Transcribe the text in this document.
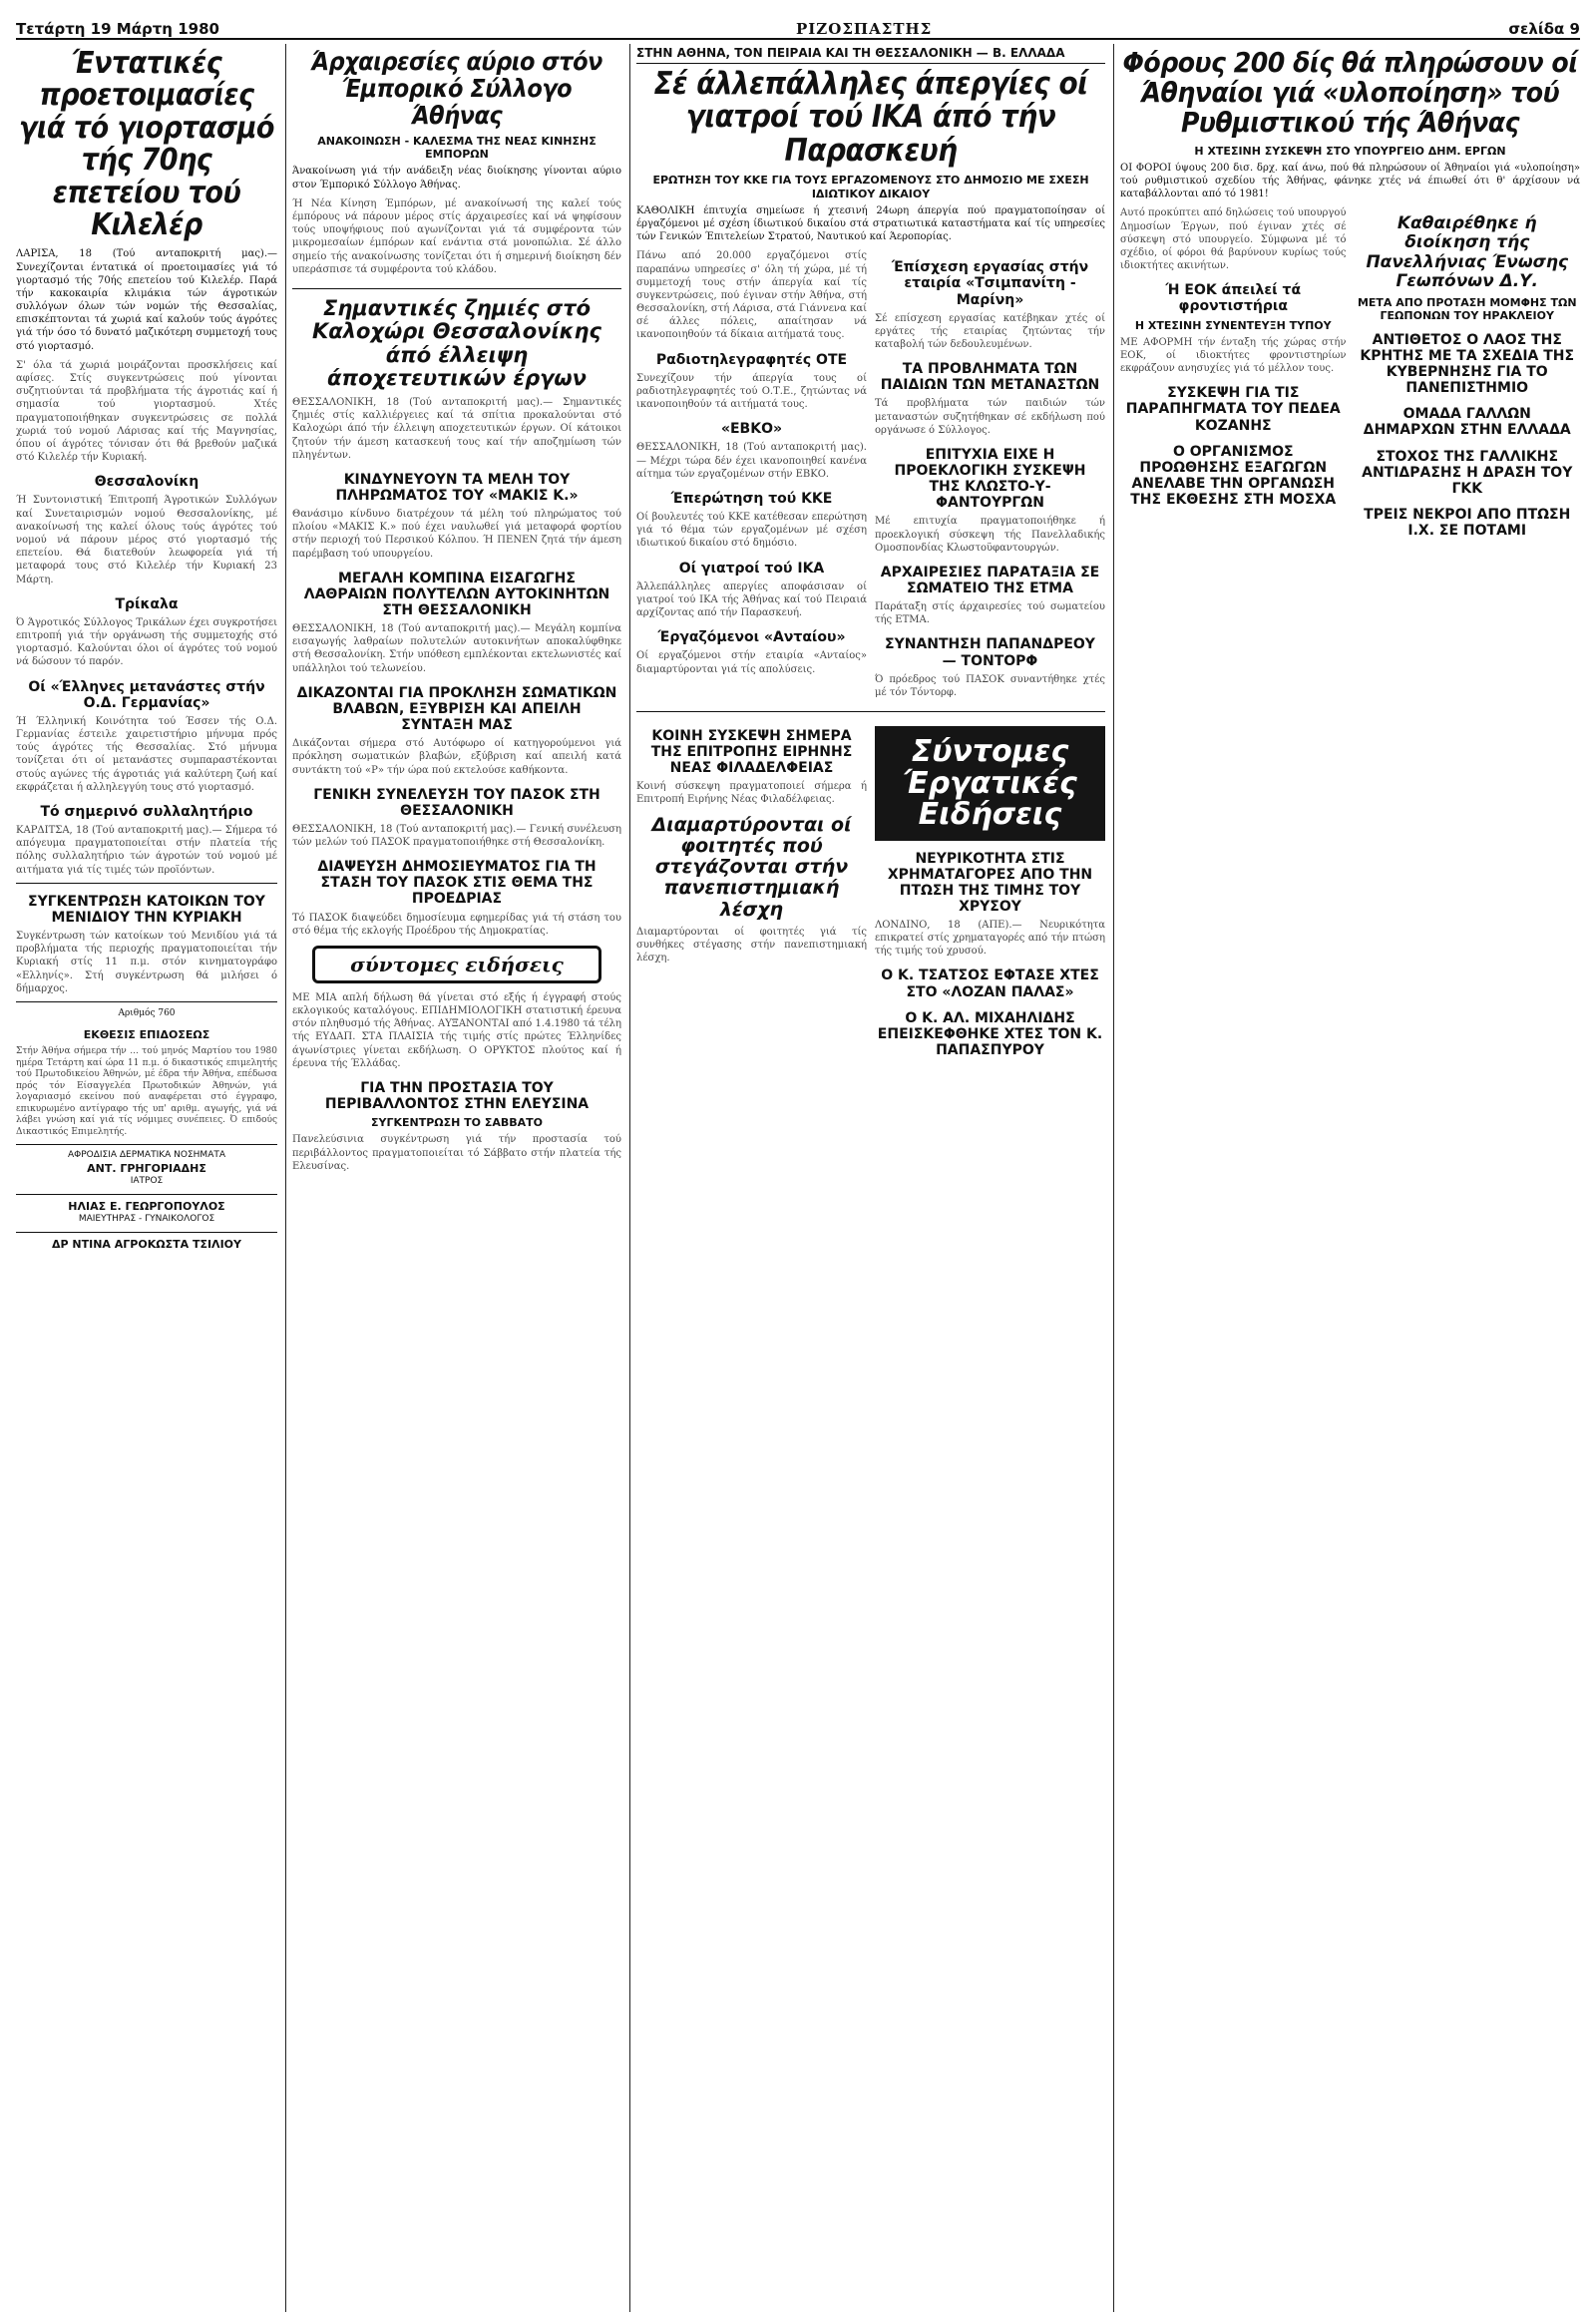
Τετάρτη 19 Μάρτη 1980	ΡΙΖΟΣΠΑΣΤΗΣ	σελίδα 9
Έντατικές προετοιμασίες γιά τό γιορτασμό τής 70ης επετείου τού Κιλελέρ

ΛΑΡΙΣΑ, 18 (Τού ανταποκριτή μας).— Συνεχίζονται έντατικά οί προετοιμασίες γιά τό γιορτασμό τής 70ής επετείου τού Κιλελέρ. Παρά τήν κακοκαιρία κλιμάκια τών άγροτικών συλλόγων όλων τών νομών τής Θεσσαλίας, επισκέπτονται τά χωριά καί καλούν τούς άγρότες γιά τήν όσο τό δυνατό μαζικότερη συμμετοχή τους στό γιορτασμό.

Σ' όλα τά χωριά μοιράζονται προσκλήσεις καί αφίσες. Στίς συγκεντρώσεις πού γίνονται συζητιούνται τά προβλήματα τής άγροτιάς καί ή σημασία τού γιορτασμού. Χτές πραγματοποιήθηκαν συγκεντρώσεις σε πολλά χωριά τού νομού Λάρισας καί τής Μαγνησίας, όπου οί άγρότες τόνισαν ότι θά βρεθούν μαζικά στό Κιλελέρ τήν Κυριακή.

Θεσσαλονίκη

Ή Συντονιστική Έπιτροπή Άγροτικών Συλλόγων καί Συνεταιρισμών νομού Θεσσαλονίκης, μέ ανακοίνωσή της καλεί όλους τούς άγρότες τού νομού νά πάρουν μέρος στό γιορτασμό τής επετείου. Θά διατεθούν λεωφορεία γιά τή μεταφορά τους στό Κιλελέρ τήν Κυριακή 23 Μάρτη.

Τρίκαλα

Ό Άγροτικός Σύλλογος Τρικάλων έχει συγκροτήσει επιτροπή γιά τήν οργάνωση τής συμμετοχής στό γιορτασμό. Καλούνται όλοι οί άγρότες τού νομού νά δώσουν τό παρόν.

Οί «Έλληνες μετανάστες στήν Ο.Δ. Γερμανίας»

Ή Έλληνική Κοινότητα τού Έσσεν τής Ο.Δ. Γερμανίας έστειλε χαιρετιστήριο μήνυμα πρός τούς άγρότες τής Θεσσαλίας. Στό μήνυμα τονίζεται ότι οί μετανάστες συμπαραστέκονται στούς αγώνες τής άγροτιάς γιά καλύτερη ζωή καί εκφράζεται ή αλληλεγγύη τους στό γιορτασμό.

Τό σημερινό συλλαλητήριο

ΚΑΡΔΙΤΣΑ, 18 (Τού ανταποκριτή μας).— Σήμερα τό απόγευμα πραγματοποιείται στήν πλατεία τής πόλης συλλαλητήριο τών άγροτών τού νομού μέ αιτήματα γιά τίς τιμές τών προϊόντων.

ΣΥΓΚΕΝΤΡΩΣΗ ΚΑΤΟΙΚΩΝ ΤΟΥ ΜΕΝΙΔΙΟΥ ΤΗΝ ΚΥΡΙΑΚΗ

Συγκέντρωση τών κατοίκων τού Μενιδίου γιά τά προβλήματα τής περιοχής πραγματοποιείται τήν Κυριακή στίς 11 π.μ. στόν κινηματογράφο «Ελληνίς». Στή συγκέντρωση θά μιλήσει ό δήμαρχος.

Αριθμός 760
ΕΚΘΕΣΙΣ ΕΠΙΔΟΣΕΩΣ

Στήν Άθήνα σήμερα τήν ... τού μηνός Μαρτίου του 1980 ημέρα Τετάρτη καί ώρα 11 π.μ. ό δικαστικός επιμελητής τού Πρωτοδικείου Άθηνών, μέ έδρα τήν Άθήνα, επέδωσα πρός τόν Είσαγγελέα Πρωτοδικών Άθηνών, γιά λογαριασμό εκείνου πού αναφέρεται στό έγγραφο, επικυρωμένο αντίγραφο τής υπ' αριθμ. αγωγής, γιά νά λάβει γνώση καί γιά τίς νόμιμες συνέπειες. Ό επιδούς Δικαστικός Επιμελητής.

ΑΦΡΟΔΙΣΙΑ ΔΕΡΜΑΤΙΚΑ ΝΟΣΗΜΑΤΑ
ΑΝΤ. ΓΡΗΓΟΡΙΑΔΗΣ
ΙΑΤΡΟΣ
ΗΛΙΑΣ Ε. ΓΕΩΡΓΟΠΟΥΛΟΣ
ΜΑΙΕΥΤΗΡΑΣ - ΓΥΝΑΙΚΟΛΟΓΟΣ
ΔΡ ΝΤΙΝΑ ΑΓΡΟΚΩΣΤΑ ΤΣΙΛΙΟΥ
Άρχαιρεσίες αύριο στόν Έμπορικό Σύλλογο Άθήνας
ΑΝΑΚΟΙΝΩΣΗ - ΚΑΛΕΣΜΑ ΤΗΣ ΝΕΑΣ ΚΙΝΗΣΗΣ ΕΜΠΟΡΩΝ

Άνακοίνωση γιά τήν ανάδειξη νέας διοίκησης γίνονται αύριο στον Έμπορικό Σύλλογο Άθήνας.

Ή Νέα Κίνηση Έμπόρων, μέ ανακοίνωσή της καλεί τούς έμπόρους νά πάρουν μέρος στίς άρχαιρεσίες καί νά ψηφίσουν τούς υποψήφιους πού αγωνίζονται γιά τά συμφέροντα τών μικρομεσαίων έμπόρων καί ενάντια στά μονοπώλια. Σέ άλλο σημείο τής ανακοίνωσης τονίζεται ότι ή σημερινή διοίκηση δέν υπεράσπισε τά συμφέροντα τού κλάδου.

Σημαντικές ζημιές στό Καλοχώρι Θεσσαλονίκης άπό έλλειψη άποχετευτικών έργων

ΘΕΣΣΑΛΟΝΙΚΗ, 18 (Τού ανταποκριτή μας).— Σημαντικές ζημιές στίς καλλιέργειες καί τά σπίτια προκαλούνται στό Καλοχώρι άπό τήν έλλειψη αποχετευτικών έργων. Οί κάτοικοι ζητούν τήν άμεση κατασκευή τους καί τήν αποζημίωση τών πληγέντων.

ΚΙΝΔΥΝΕΥΟΥΝ ΤΑ ΜΕΛΗ ΤΟΥ ΠΛΗΡΩΜΑΤΟΣ ΤΟΥ «ΜΑΚΙΣ Κ.»

Θανάσιμο κίνδυνο διατρέχουν τά μέλη τού πληρώματος τού πλοίου «ΜΑΚΙΣ Κ.» πού έχει ναυλωθεί γιά μεταφορά φορτίου στήν περιοχή τού Περσικού Κόλπου. Ή ΠΕΝΕΝ ζητά τήν άμεση παρέμβαση τού υπουργείου.

ΜΕΓΑΛΗ ΚΟΜΠΙΝΑ ΕΙΣΑΓΩΓΗΣ ΛΑΘΡΑΙΩΝ ΠΟΛΥΤΕΛΩΝ ΑΥΤΟΚΙΝΗΤΩΝ ΣΤΗ ΘΕΣΣΑΛΟΝΙΚΗ

ΘΕΣΣΑΛΟΝΙΚΗ, 18 (Τού ανταποκριτή μας).— Μεγάλη κομπίνα εισαγωγής λαθραίων πολυτελών αυτοκινήτων αποκαλύφθηκε στή Θεσσαλονίκη. Στήν υπόθεση εμπλέκονται εκτελωνιστές καί υπάλληλοι τού τελωνείου.

ΔΙΚΑΖΟΝΤΑΙ ΓΙΑ ΠΡΟΚΛΗΣΗ ΣΩΜΑΤΙΚΩΝ ΒΛΑΒΩΝ, ΕΞΥΒΡΙΣΗ ΚΑΙ ΑΠΕΙΛΗ ΣΥΝΤΑΞΗ ΜΑΣ

Δικάζονται σήμερα στό Αυτόφωρο οί κατηγορούμενοι γιά πρόκληση σωματικών βλαβών, εξύβριση καί απειλή κατά συντάκτη τού «Ρ» τήν ώρα πού εκτελούσε καθήκοντα.

ΓΕΝΙΚΗ ΣΥΝΕΛΕΥΣΗ ΤΟΥ ΠΑΣΟΚ ΣΤΗ ΘΕΣΣΑΛΟΝΙΚΗ

ΘΕΣΣΑΛΟΝΙΚΗ, 18 (Τού ανταποκριτή μας).— Γενική συνέλευση τών μελών τού ΠΑΣΟΚ πραγματοποιήθηκε στή Θεσσαλονίκη.

ΔΙΑΨΕΥΣΗ ΔΗΜΟΣΙΕΥΜΑΤΟΣ ΓΙΑ ΤΗ ΣΤΑΣΗ ΤΟΥ ΠΑΣΟΚ ΣΤΙΣ ΘΕΜΑ ΤΗΣ ΠΡΟΕΔΡΙΑΣ

Τό ΠΑΣΟΚ διαψεύδει δημοσίευμα εφημερίδας γιά τή στάση του στό θέμα τής εκλογής Προέδρου τής Δημοκρατίας.

σύντομες ειδήσεις

ΜΕ ΜΙΑ απλή δήλωση θά γίνεται στό εξής ή έγγραφή στούς εκλογικούς καταλόγους. ΕΠΙΔΗΜΙΟΛΟΓΙΚΗ στατιστική έρευνα στόν πληθυσμό τής Άθήνας. ΑΥΞΑΝΟΝΤΑΙ από 1.4.1980 τά τέλη τής ΕΥΔΑΠ. ΣΤΑ ΠΛΑΙΣΙΑ τής τιμής στίς πρώτες Έλληνίδες άγωνίστριες γίνεται εκδήλωση. Ο ΟΡΥΚΤΟΣ πλούτος καί ή έρευνα τής Έλλάδας.

ΓΙΑ ΤΗΝ ΠΡΟΣΤΑΣΙΑ ΤΟΥ ΠΕΡΙΒΑΛΛΟΝΤΟΣ ΣΤΗΝ ΕΛΕΥΣΙΝΑ
ΣΥΓΚΕΝΤΡΩΣΗ ΤΟ ΣΑΒΒΑΤΟ

Πανελεύσινια συγκέντρωση γιά τήν προστασία τού περιβάλλοντος πραγματοποιείται τό Σάββατο στήν πλατεία τής Ελευσίνας.

ΣΤΗΝ ΑΘΗΝΑ, ΤΟΝ ΠΕΙΡΑΙΑ ΚΑΙ ΤΗ ΘΕΣΣΑΛΟΝΙΚΗ — Β. ΕΛΛΑΔΑ
Σέ άλλεπάλληλες άπεργίες οί γιατροί τού ΙΚΑ άπό τήν Παρασκευή
ΕΡΩΤΗΣΗ ΤΟΥ ΚΚΕ ΓΙΑ ΤΟΥΣ ΕΡΓΑΖΟΜΕΝΟΥΣ ΣΤΟ ΔΗΜΟΣΙΟ ΜΕ ΣΧΕΣΗ ΙΔΙΩΤΙΚΟΥ ΔΙΚΑΙΟΥ

ΚΑΘΟΛΙΚΗ έπιτυχία σημείωσε ή χτεσινή 24ωρη άπεργία πού πραγματοποίησαν οί έργαζόμενοι μέ σχέση ίδιωτικού δικαίου στά στρατιωτικά καταστήματα καί τίς υπηρεσίες τών Γενικών Έπιτελείων Στρατού, Ναυτικού καί Άεροπορίας.

Πάνω από 20.000 εργαζόμενοι στίς παραπάνω υπηρεσίες σ' όλη τή χώρα, μέ τή συμμετοχή τους στήν άπεργία καί τίς συγκεντρώσεις, πού έγιναν στήν Άθήνα, στή Θεσσαλονίκη, στή Λάρισα, στά Γιάννενα καί σέ άλλες πόλεις, απαίτησαν νά ικανοποιηθούν τά δίκαια αιτήματά τους.

Ραδιοτηλεγραφητές ΟΤΕ

Συνεχίζουν τήν άπεργία τους οί ραδιοτηλεγραφητές τού Ο.Τ.Ε., ζητώντας νά ικανοποιηθούν τά αιτήματά τους.

«ΕΒΚΟ»

ΘΕΣΣΑΛΟΝΙΚΗ, 18 (Τού ανταποκριτή μας).— Μέχρι τώρα δέν έχει ικανοποιηθεί κανένα αίτημα τών εργαζομένων στήν ΕΒΚΟ.

Έπερώτηση τού ΚΚΕ

Οί βουλευτές τού ΚΚΕ κατέθεσαν επερώτηση γιά τό θέμα τών εργαζομένων μέ σχέση ιδιωτικού δικαίου στό δημόσιο.

Οί γιατροί τού ΙΚΑ

Άλλεπάλληλες απεργίες αποφάσισαν οί γιατροί τού ΙΚΑ τής Άθήνας καί τού Πειραιά αρχίζοντας από τήν Παρασκευή.

Έργαζόμενοι «Ανταίου»

Οί εργαζόμενοι στήν εταιρία «Ανταίος» διαμαρτύρονται γιά τίς απολύσεις.

Έπίσχεση εργασίας στήν εταιρία «Τσιμπανίτη - Μαρίνη»

Σέ επίσχεση εργασίας κατέβηκαν χτές οί εργάτες τής εταιρίας ζητώντας τήν καταβολή τών δεδουλευμένων.

ΤΑ ΠΡΟΒΛΗΜΑΤΑ ΤΩΝ ΠΑΙΔΙΩΝ ΤΩΝ ΜΕΤΑΝΑΣΤΩΝ

Τά προβλήματα τών παιδιών τών μεταναστών συζητήθηκαν σέ εκδήλωση πού οργάνωσε ό Σύλλογος.

ΕΠΙΤΥΧΙΑ ΕΙΧΕ Η ΠΡΟΕΚΛΟΓΙΚΗ ΣΥΣΚΕΨΗ ΤΗΣ ΚΛΩΣΤΟ-Υ-ΦΑΝΤΟΥΡΓΩΝ

Μέ επιτυχία πραγματοποιήθηκε ή προεκλογική σύσκεψη τής Πανελλαδικής Ομοσπονδίας Κλωστοϋφαντουργών.

ΑΡΧΑΙΡΕΣΙΕΣ ΠΑΡΑΤΑΞΙΑ ΣΕ ΣΩΜΑΤΕΙΟ ΤΗΣ ΕΤΜΑ

Παράταξη στίς άρχαιρεσίες τού σωματείου τής ΕΤΜΑ.

ΣΥΝΑΝΤΗΣΗ ΠΑΠΑΝΔΡΕΟΥ — ΤΟΝΤΟΡΦ

Ό πρόεδρος τού ΠΑΣΟΚ συναντήθηκε χτές μέ τόν Τόντορφ.

ΚΟΙΝΗ ΣΥΣΚΕΨΗ ΣΗΜΕΡΑ ΤΗΣ ΕΠΙΤΡΟΠΗΣ ΕΙΡΗΝΗΣ ΝΕΑΣ ΦΙΛΑΔΕΛΦΕΙΑΣ

Κοινή σύσκεψη πραγματοποιεί σήμερα ή Επιτροπή Ειρήνης Νέας Φιλαδέλφειας.

Διαμαρτύρονται οί φοιτητές πού στεγάζονται στήν πανεπιστημιακή λέσχη

Διαμαρτύρονται οί φοιτητές γιά τίς συνθήκες στέγασης στήν πανεπιστημιακή λέσχη.

Σύντομες Έργατικές Ειδήσεις
ΝΕΥΡΙΚΟΤΗΤΑ ΣΤΙΣ ΧΡΗΜΑΤΑΓΟΡΕΣ ΑΠΟ ΤΗΝ ΠΤΩΣΗ ΤΗΣ ΤΙΜΗΣ ΤΟΥ ΧΡΥΣΟΥ

ΛΟΝΔΙΝΟ, 18 (ΑΠΕ).— Νευρικότητα επικρατεί στίς χρηματαγορές από τήν πτώση τής τιμής τού χρυσού.

Ο Κ. ΤΣΑΤΣΟΣ ΕΦΤΑΣΕ ΧΤΕΣ ΣΤΟ «ΛΟΖΑΝ ΠΑΛΑΣ»
Ο Κ. ΑΛ. ΜΙΧΑΗΛΙΔΗΣ ΕΠΕΙΣΚΕΦΘΗΚΕ ΧΤΕΣ ΤΟΝ Κ. ΠΑΠΑΣΠΥΡΟΥ
Φόρους 200 δίς θά πληρώσουν οί Άθηναίοι γιά «υλοποίηση» τού Ρυθμιστικού τής Άθήνας
Η ΧΤΕΣΙΝΗ ΣΥΣΚΕΨΗ ΣΤΟ ΥΠΟΥΡΓΕΙΟ ΔΗΜ. ΕΡΓΩΝ

ΟΙ ΦΟΡΟΙ ύψους 200 δισ. δρχ. καί άνω, πού θά πληρώσουν οί Άθηναίοι γιά «υλοποίηση» τού ρυθμιστικού σχεδίου τής Άθήνας, φάνηκε χτές νά έπιωθεί ότι θ' άρχίσουν νά καταβάλλονται από τό 1981!

Αυτό προκύπτει από δηλώσεις τού υπουργού Δημοσίων Έργων, πού έγιναν χτές σέ σύσκεψη στό υπουργείο. Σύμφωνα μέ τό σχέδιο, οί φόροι θά βαρύνουν κυρίως τούς ιδιοκτήτες ακινήτων.

Ή ΕΟΚ άπειλεί τά φροντιστήρια
Η ΧΤΕΣΙΝΗ ΣΥΝΕΝΤΕΥΞΗ ΤΥΠΟΥ

ΜΕ ΑΦΟΡΜΗ τήν ένταξη τής χώρας στήν ΕΟΚ, οί ιδιοκτήτες φροντιστηρίων εκφράζουν ανησυχίες γιά τό μέλλον τους.

ΣΥΣΚΕΨΗ ΓΙΑ ΤΙΣ ΠΑΡΑΠΗΓΜΑΤΑ ΤΟΥ ΠΕΔΕΑ ΚΟΖΑΝΗΣ
Ο ΟΡΓΑΝΙΣΜΟΣ ΠΡΟΩΘΗΣΗΣ ΕΞΑΓΩΓΩΝ ΑΝΕΛΑΒΕ ΤΗΝ ΟΡΓΑΝΩΣΗ ΤΗΣ ΕΚΘΕΣΗΣ ΣΤΗ ΜΟΣΧΑ
Καθαιρέθηκε ή διοίκηση τής Πανελλήνιας Ένωσης Γεωπόνων Δ.Υ.
ΜΕΤΑ ΑΠΟ ΠΡΟΤΑΣΗ ΜΟΜΦΗΣ ΤΩΝ ΓΕΩΠΟΝΩΝ ΤΟΥ ΗΡΑΚΛΕΙΟΥ
ΑΝΤΙΘΕΤΟΣ Ο ΛΑΟΣ ΤΗΣ ΚΡΗΤΗΣ ΜΕ ΤΑ ΣΧΕΔΙΑ ΤΗΣ ΚΥΒΕΡΝΗΣΗΣ ΓΙΑ ΤΟ ΠΑΝΕΠΙΣΤΗΜΙΟ
ΟΜΑΔΑ ΓΑΛΛΩΝ ΔΗΜΑΡΧΩΝ ΣΤΗΝ ΕΛΛΑΔΑ
ΣΤΟΧΟΣ ΤΗΣ ΓΑΛΛΙΚΗΣ ΑΝΤΙΔΡΑΣΗΣ Η ΔΡΑΣΗ ΤΟΥ ΓΚΚ
ΤΡΕΙΣ ΝΕΚΡΟΙ ΑΠΟ ΠΤΩΣΗ Ι.Χ. ΣΕ ΠΟΤΑΜΙ
